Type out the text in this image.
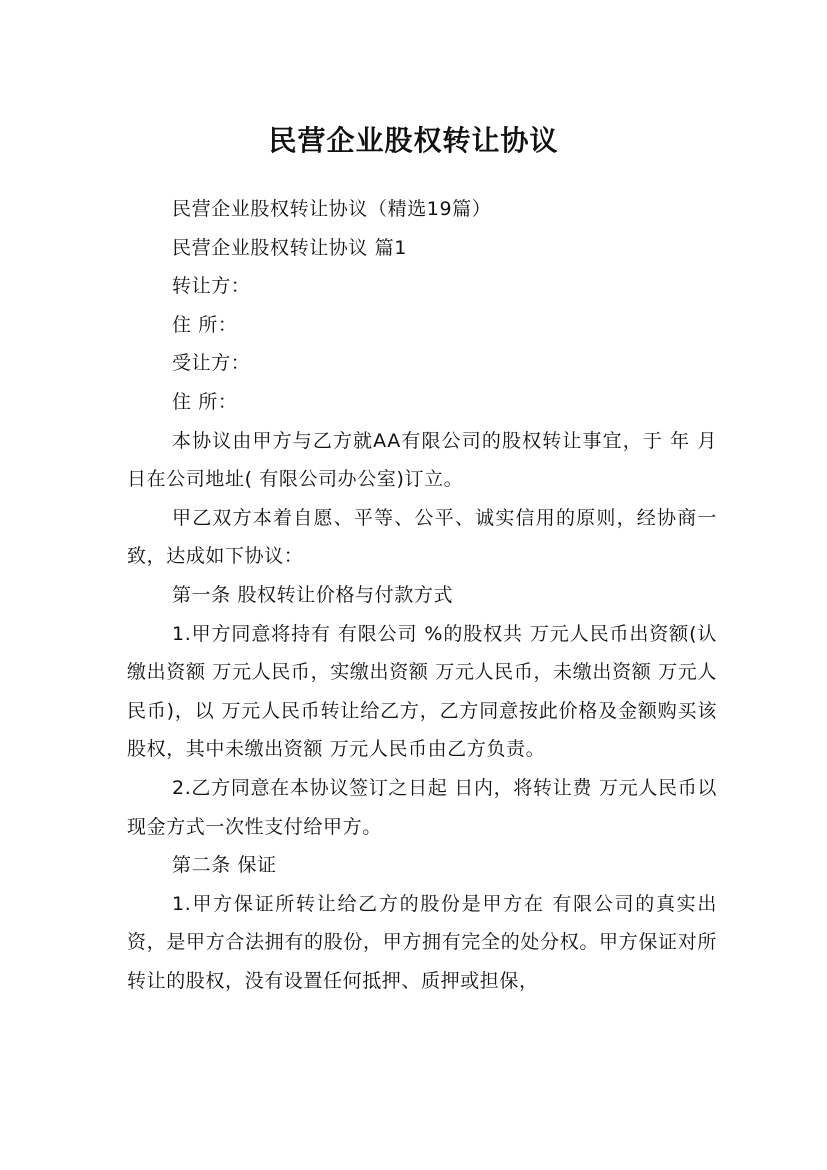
民营企业股权转让协议

民营企业股权转让协议（精选19篇）

民营企业股权转让协议 篇1

转让方：

住 所：

受让方：

住 所：

本协议由甲方与乙方就AA有限公司的股权转让事宜，于 年 月 日在公司地址( 有限公司办公室)订立。

甲乙双方本着自愿、平等、公平、诚实信用的原则，经协商一致，达成如下协议：

第一条 股权转让价格与付款方式

1.甲方同意将持有 有限公司 %的股权共 万元人民币出资额(认缴出资额 万元人民币，实缴出资额 万元人民币，未缴出资额 万元人民币)，以 万元人民币转让给乙方，乙方同意按此价格及金额购买该股权，其中未缴出资额 万元人民币由乙方负责。

2.乙方同意在本协议签订之日起 日内，将转让费 万元人民币以现金方式一次性支付给甲方。

第二条 保证

1.甲方保证所转让给乙方的股份是甲方在 有限公司的真实出资，是甲方合法拥有的股份，甲方拥有完全的处分权。甲方保证对所转让的股权，没有设置任何抵押、质押或担保，
